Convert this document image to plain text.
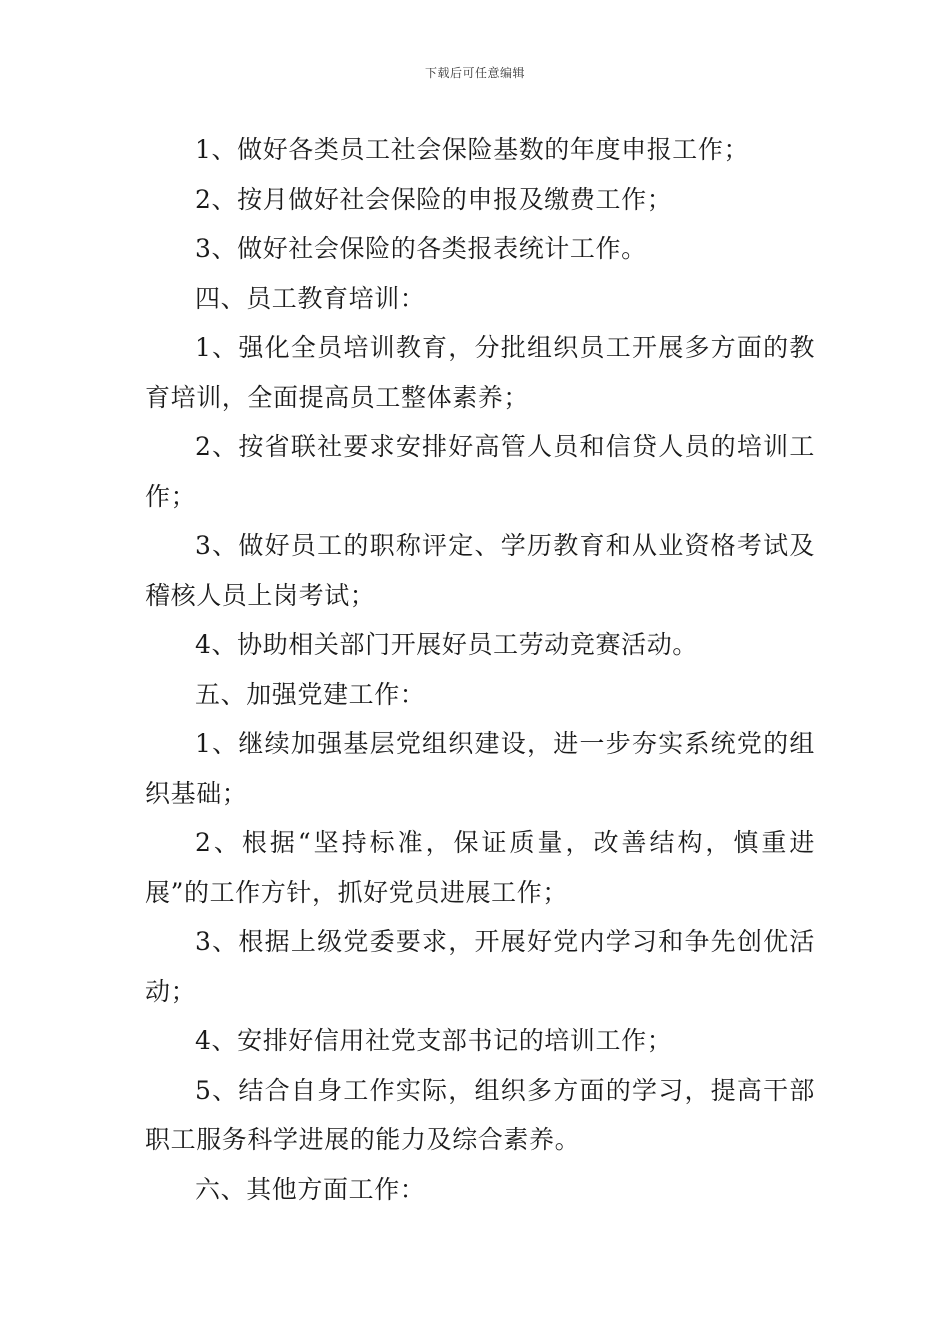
下载后可任意编辑

1、做好各类员工社会保险基数的年度申报工作；

2、按月做好社会保险的申报及缴费工作；

3、做好社会保险的各类报表统计工作。

四、员工教育培训：

1、强化全员培训教育，分批组织员工开展多方面的教育培训，全面提高员工整体素养；

2、按省联社要求安排好高管人员和信贷人员的培训工作；

3、做好员工的职称评定、学历教育和从业资格考试及稽核人员上岗考试；

4、协助相关部门开展好员工劳动竞赛活动。

五、加强党建工作：

1、继续加强基层党组织建设，进一步夯实系统党的组织基础；

2、根据“坚持标准，保证质量，改善结构，慎重进展”的工作方针，抓好党员进展工作；

3、根据上级党委要求，开展好党内学习和争先创优活动；

4、安排好信用社党支部书记的培训工作；

5、结合自身工作实际，组织多方面的学习，提高干部职工服务科学进展的能力及综合素养。

六、其他方面工作：
